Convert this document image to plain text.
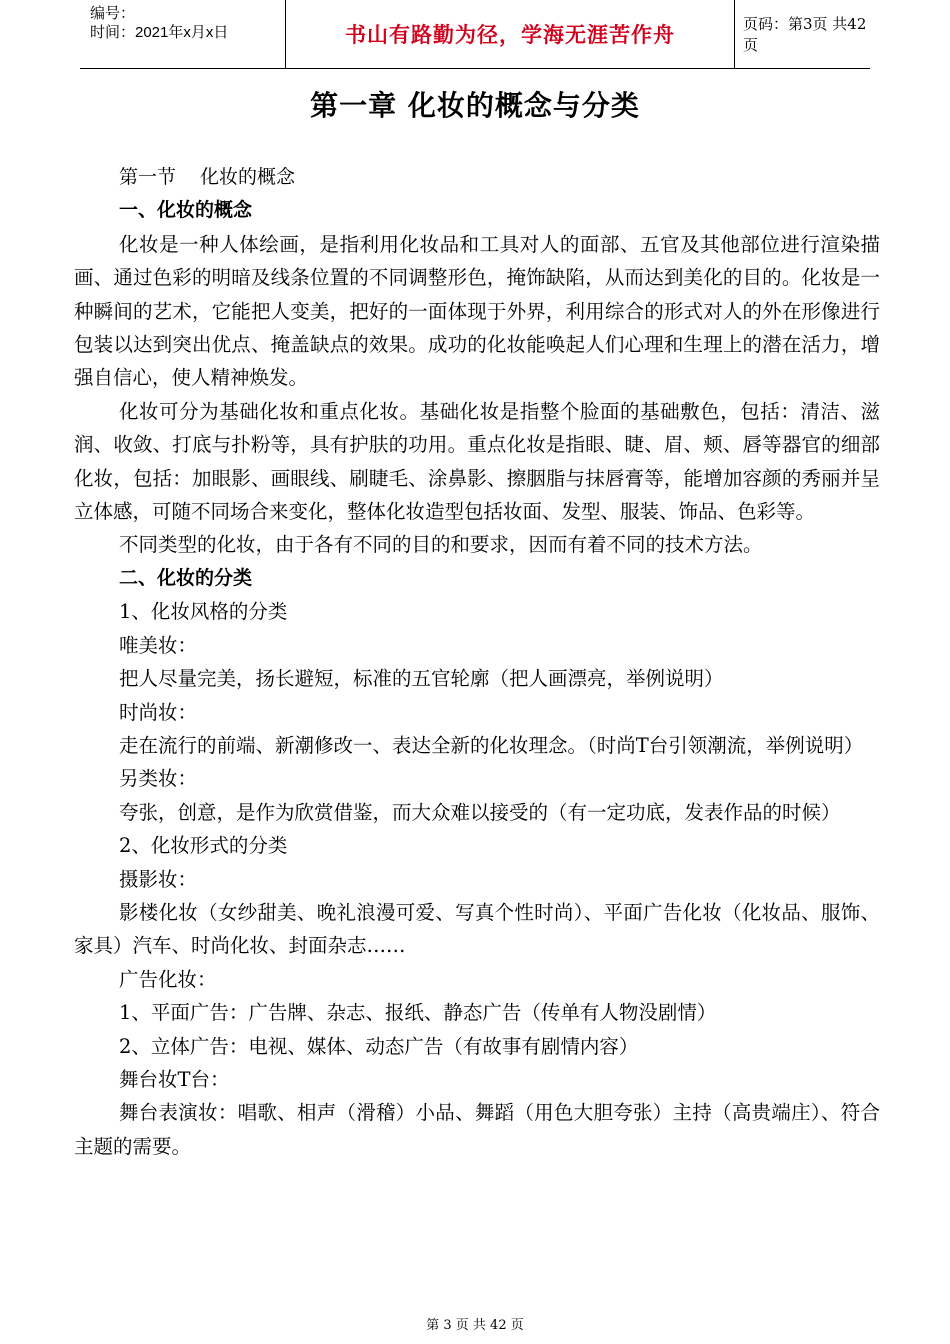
编号：
时间：2021年x月x日	书山有路勤为径，学海无涯苦作舟	页码：第3页 共42页
第一章 化妆的概念与分类

第一节 化妆的概念

一、化妆的概念

化妆是一种人体绘画，是指利用化妆品和工具对人的面部、五官及其他部位进行渲染描画、通过色彩的明暗及线条位置的不同调整形色，掩饰缺陷，从而达到美化的目的。化妆是一种瞬间的艺术，它能把人变美，把好的一面体现于外界，利用综合的形式对人的外在形像进行包装以达到突出优点、掩盖缺点的效果。成功的化妆能唤起人们心理和生理上的潜在活力，增强自信心，使人精神焕发。

化妆可分为基础化妆和重点化妆。基础化妆是指整个脸面的基础敷色，包括：清洁、滋润、收敛、打底与扑粉等，具有护肤的功用。重点化妆是指眼、睫、眉、颊、唇等器官的细部化妆，包括：加眼影、画眼线、刷睫毛、涂鼻影、擦胭脂与抹唇膏等，能增加容颜的秀丽并呈立体感，可随不同场合来变化，整体化妆造型包括妆面、发型、服装、饰品、色彩等。

不同类型的化妆，由于各有不同的目的和要求，因而有着不同的技术方法。

二、化妆的分类

1、化妆风格的分类

唯美妆：

把人尽量完美，扬长避短，标准的五官轮廓（把人画漂亮，举例说明）

时尚妆：

走在流行的前端、新潮修改一、表达全新的化妆理念。（时尚T台引领潮流，举例说明）

另类妆：

夸张，创意，是作为欣赏借鉴，而大众难以接受的（有一定功底，发表作品的时候）

2、化妆形式的分类

摄影妆：

影楼化妆（女纱甜美、晚礼浪漫可爱、写真个性时尚）、平面广告化妆（化妆品、服饰、家具）汽车、时尚化妆、封面杂志……

广告化妆：

1、平面广告：广告牌、杂志、报纸、静态广告（传单有人物没剧情）

2、立体广告：电视、媒体、动态广告（有故事有剧情内容）

舞台妆T台：

舞台表演妆：唱歌、相声（滑稽）小品、舞蹈（用色大胆夸张）主持（高贵端庄）、符合主题的需要。

第 3 页 共 42 页
